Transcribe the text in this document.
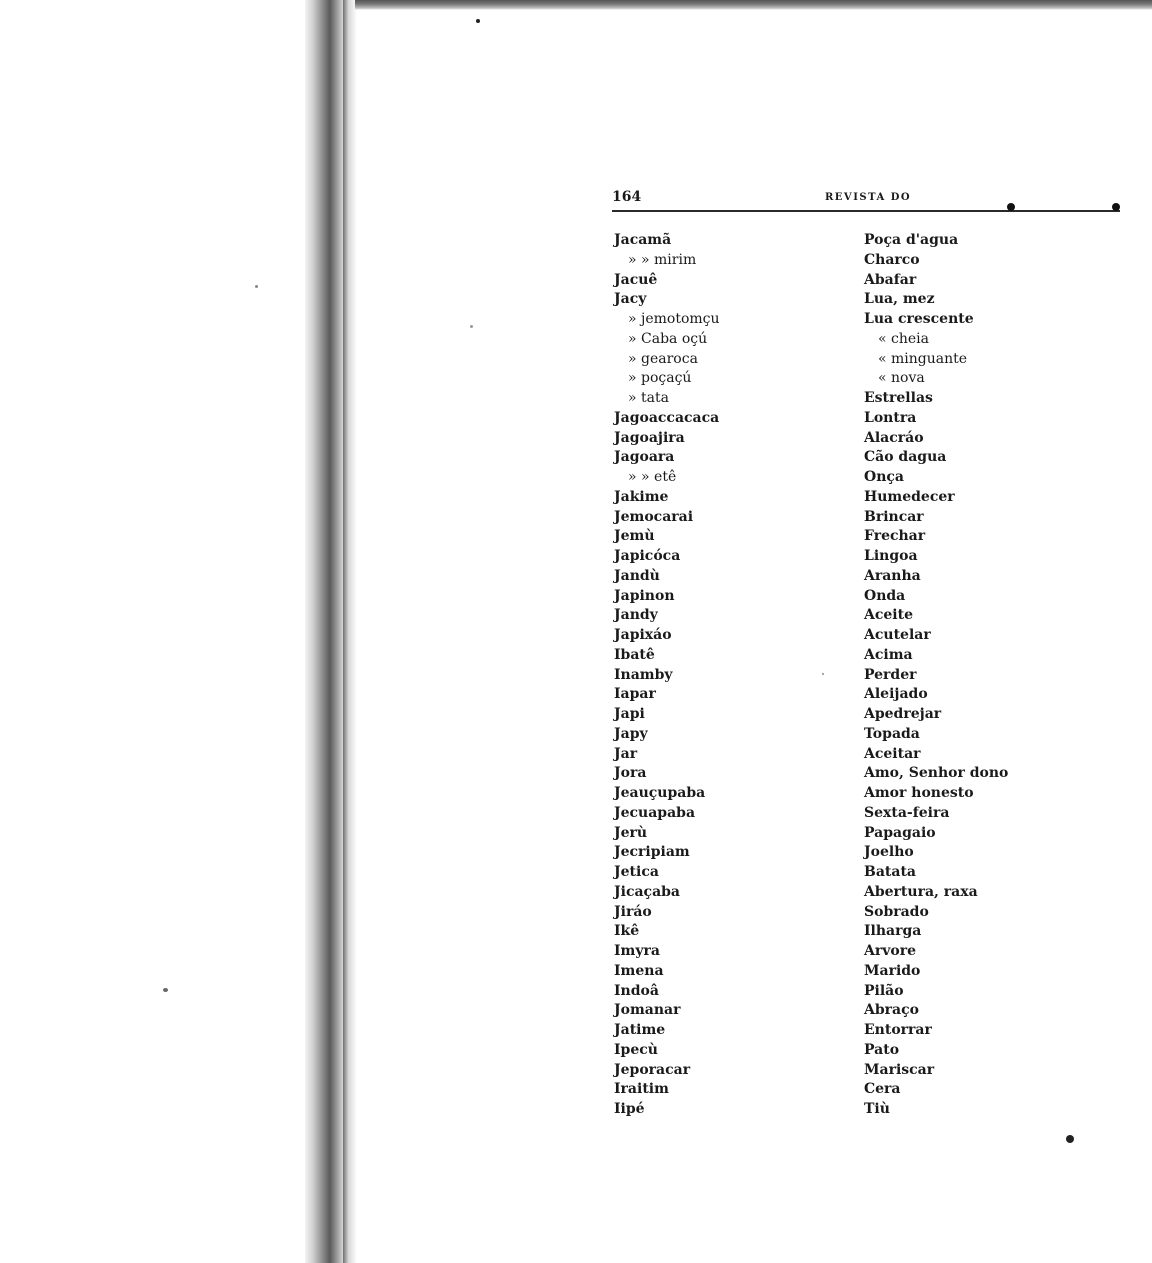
164	REVISTA DO
Jacamã
» » mirim
Jacuê
Jacy
» jemotomçu
» Caba oçú
» gearoca
» poçaçú
» tata
Jagoaccacaca
Jagoajira
Jagoara
» » etê
Jakime
Jemocarai
Jemù
Japicóca
Jandù
Japinon
Jandy
Japixáo
Ibatê
Inamby
Iapar
Japi
Japy
Jar
Jora
Jeauçupaba
Jecuapaba
Jerù
Jecripiam
Jetica
Jicaçaba
Jiráo
Ikê
Imyra
Imena
Indoâ
Jomanar
Jatime
Ipecù
Jeporacar
Iraitim
Iipé
Poça d'agua
Charco
Abafar
Lua, mez
Lua crescente
« cheia
« minguante
« nova
Estrellas
Lontra
Alacráo
Cão dagua
Onça
Humedecer
Brincar
Frechar
Lingoa
Aranha
Onda
Aceite
Acutelar
Acima
Perder
Aleijado
Apedrejar
Topada
Aceitar
Amo, Senhor dono
Amor honesto
Sexta-feira
Papagaio
Joelho
Batata
Abertura, raxa
Sobrado
Ilharga
Arvore
Marido
Pilão
Abraço
Entorrar
Pato
Mariscar
Cera
Tiù
